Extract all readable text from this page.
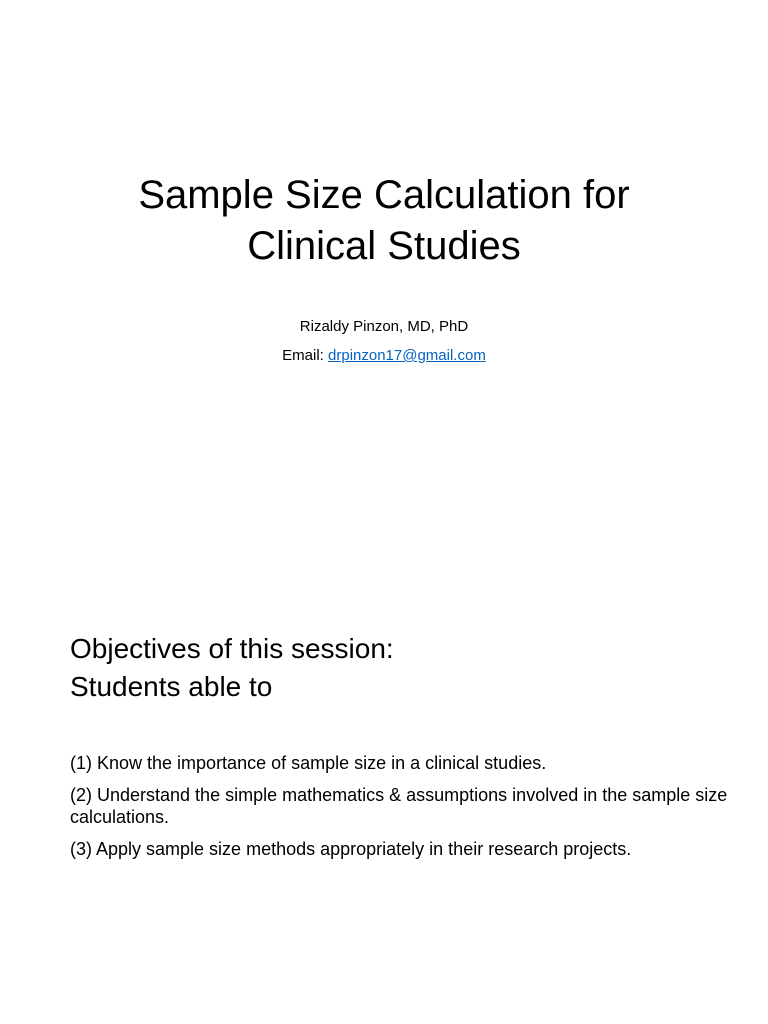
Sample Size Calculation for
Clinical Studies

Rizaldy Pinzon, MD, PhD

Email: drpinzon17@gmail.com

Objectives of this session:
Students able to
(1) Know the importance of sample size in a clinical studies.
(2) Understand the simple mathematics & assumptions involved in the sample size calculations.
(3) Apply sample size methods appropriately in their research projects.
